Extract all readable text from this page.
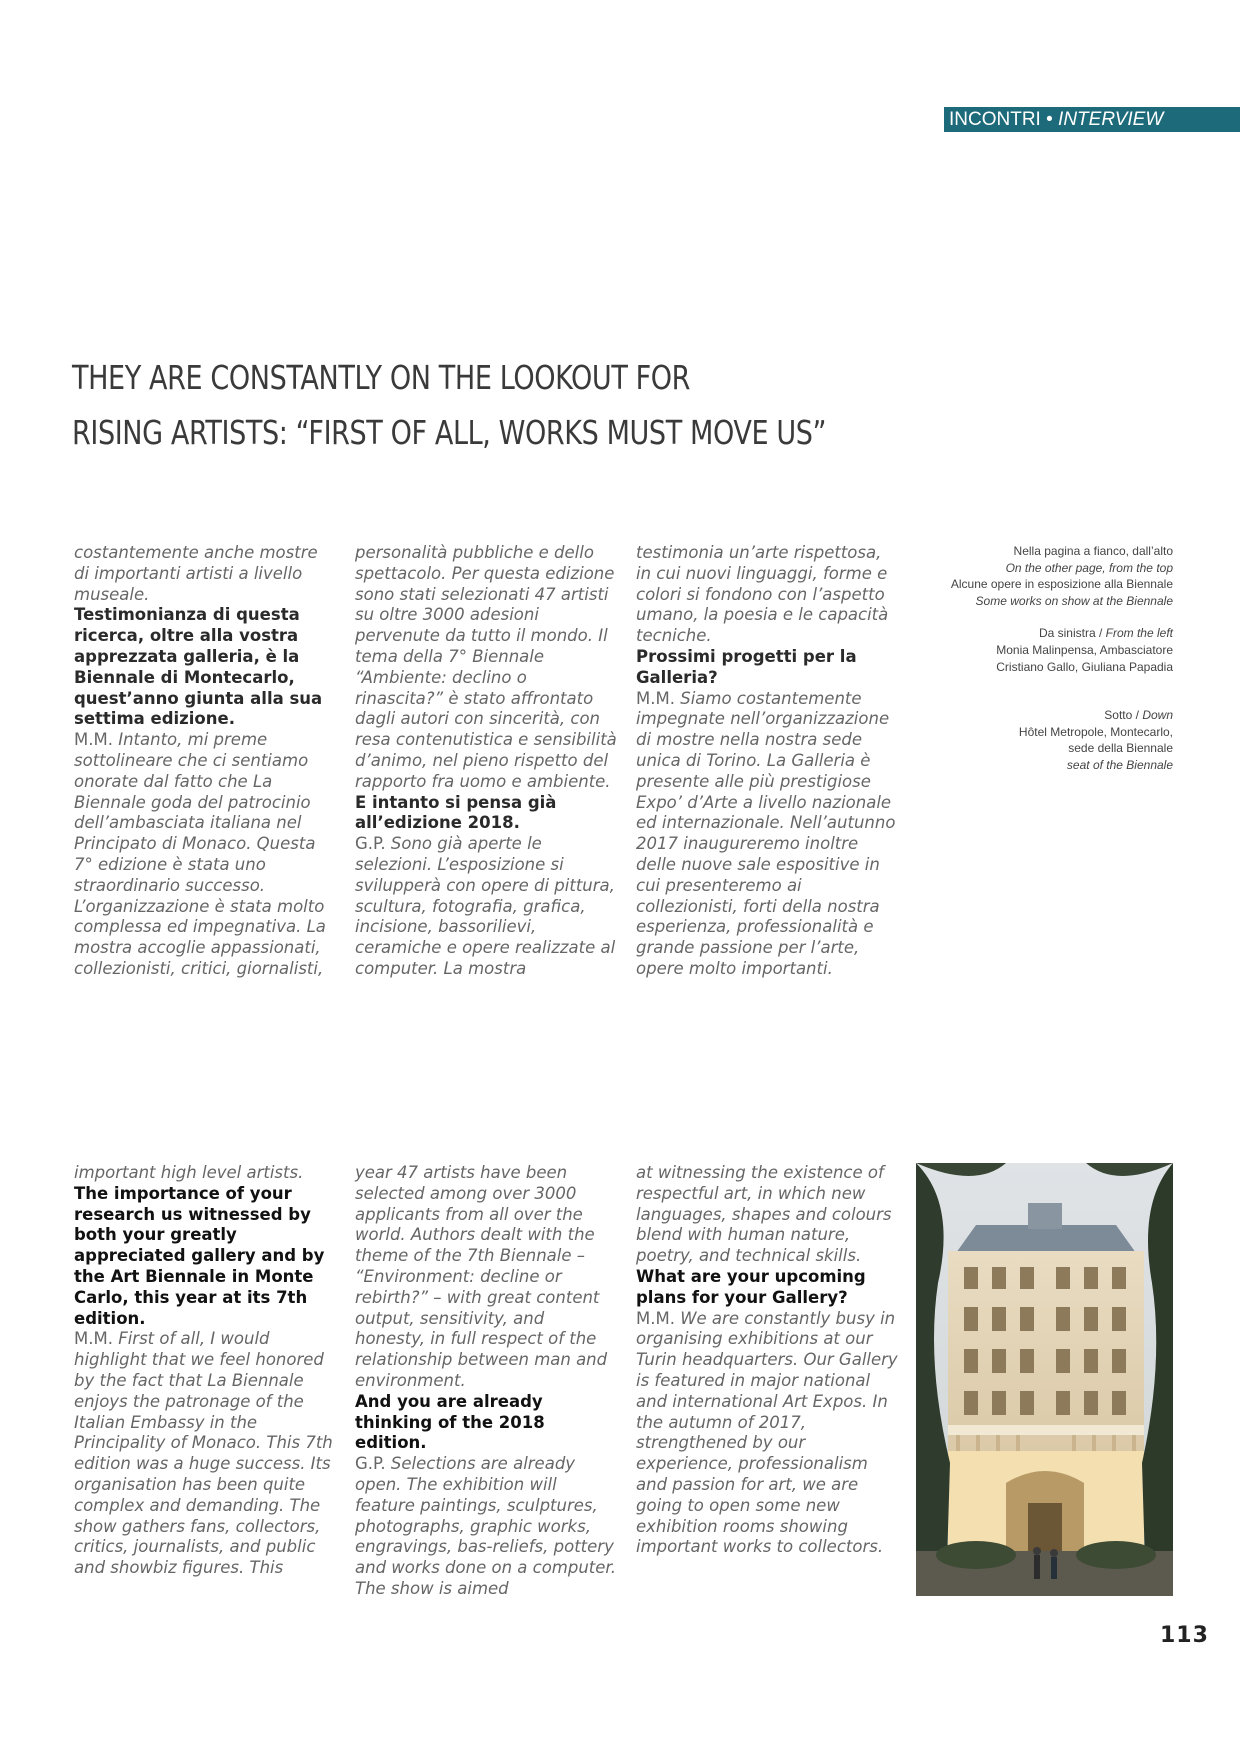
INCONTRI • INTERVIEW
THEY ARE CONSTANTLY ON THE LOOKOUT FOR
RISING ARTISTS: “FIRST OF ALL, WORKS MUST MOVE US”

costantemente anche mostre di importanti artisti a livello museale.

Testimonianza di questa ricerca, oltre alla vostra apprezzata galleria, è la Biennale di Montecarlo, quest’anno giunta alla sua settima edizione.

M.M. Intanto, mi preme sottolineare che ci sentiamo onorate dal fatto che La Biennale goda del patrocinio dell’ambasciata italiana nel Principato di Monaco. Questa 7° edizione è stata uno straordinario successo. L’organizzazione è stata molto complessa ed impegnativa. La mostra accoglie appassionati, collezionisti, critici, giornalisti,

personalità pubbliche e dello spettacolo. Per questa edizione sono stati selezionati 47 artisti su oltre 3000 adesioni pervenute da tutto il mondo. Il tema della 7° Biennale “Ambiente: declino o rinascita?” è stato affrontato dagli autori con sincerità, con resa contenutistica e sensibilità d’animo, nel pieno rispetto del rapporto fra uomo e ambiente.

E intanto si pensa già all’edizione 2018.

G.P. Sono già aperte le selezioni. L’esposizione si svilupperà con opere di pittura, scultura, fotografia, grafica, incisione, bassorilievi, ceramiche e opere realizzate al computer. La mostra

testimonia un’arte rispettosa, in cui nuovi linguaggi, forme e colori si fondono con l’aspetto umano, la poesia e le capacità tecniche.

Prossimi progetti per la Galleria?

M.M. Siamo costantemente impegnate nell’organizzazione di mostre nella nostra sede unica di Torino. La Galleria è presente alle più prestigiose Expo’ d’Arte a livello nazionale ed internazionale. Nell’autunno 2017 inaugureremo inoltre delle nuove sale espositive in cui presenteremo ai collezionisti, forti della nostra esperienza, professionalità e grande passione per l’arte, opere molto importanti.

Nella pagina a fianco, dall’alto

On the other page, from the top

Alcune opere in esposizione alla Biennale

Some works on show at the Biennale

Da sinistra / From the left

Monia Malinpensa, Ambasciatore

Cristiano Gallo, Giuliana Papadia

Sotto / Down

Hôtel Metropole, Montecarlo,

sede della Biennale

seat of the Biennale

important high level artists.

The importance of your research us witnessed by both your greatly appreciated gallery and by the Art Biennale in Monte Carlo, this year at its 7th edition.

M.M. First of all, I would highlight that we feel honored by the fact that La Biennale enjoys the patronage of the Italian Embassy in the Principality of Monaco. This 7th edition was a huge success. Its organisation has been quite complex and demanding. The show gathers fans, collectors, critics, journalists, and public and showbiz figures. This

year 47 artists have been selected among over 3000 applicants from all over the world. Authors dealt with the theme of the 7th Biennale – “Environment: decline or rebirth?” – with great content output, sensitivity, and honesty, in full respect of the relationship between man and environment.

And you are already thinking of the 2018 edition.

G.P. Selections are already open. The exhibition will feature paintings, sculptures, photographs, graphic works, engravings, bas-reliefs, pottery and works done on a computer. The show is aimed

at witnessing the existence of respectful art, in which new languages, shapes and colours blend with human nature, poetry, and technical skills.

What are your upcoming plans for your Gallery?

M.M. We are constantly busy in organising exhibitions at our Turin headquarters. Our Gallery is featured in major national and international Art Expos. In the autumn of 2017, strengthened by our experience, professionalism and passion for art, we are going to open some new exhibition rooms showing important works to collectors.

113
